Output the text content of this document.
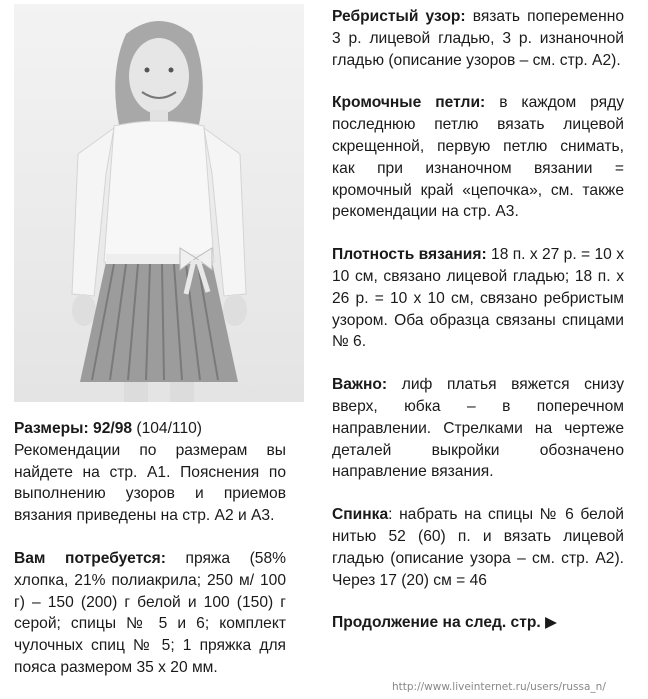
Размеры: 92/98 (104/110)

Рекомендации по размерам вы найдете на стр. А1. Пояснения по выполнению узоров и приемов вязания приведены на стр. А2 и А3.

Вам потребуется: пряжа (58% хлопка, 21% полиакрила; 250 м/ 100 г) – 150 (200) г белой и 100 (150) г серой; спицы № 5 и 6; комплект чулочных спиц № 5; 1 пряжка для пояса размером 35 x 20 мм.

Ребристый узор: вязать попеременно 3 р. лицевой гладью, 3 р. изнаночной гладью (описание узоров – см. стр. А2).

Кромочные петли: в каждом ряду последнюю петлю вязать лицевой скрещенной, первую петлю снимать, как при изнаночном вязании = кромочный край «цепочка», см. также рекомендации на стр. А3.

Плотность вязания: 18 п. x 27 р. = 10 x 10 см, связано лицевой гладью; 18 п. x 26 р. = 10 x 10 см, связано ребристым узором. Оба образца связаны спицами № 6.

Важно: лиф платья вяжется снизу вверх, юбка – в поперечном направлении. Стрелками на чертеже деталей выкройки обозначено направление вязания.

Спинка: набрать на спицы № 6 белой нитью 52 (60) п. и вязать лицевой гладью (описание узора – см. стр. А2). Через 17 (20) см = 46

Продолжение на след. стр. ▶

http://www.liveinternet.ru/users/russa_n/
